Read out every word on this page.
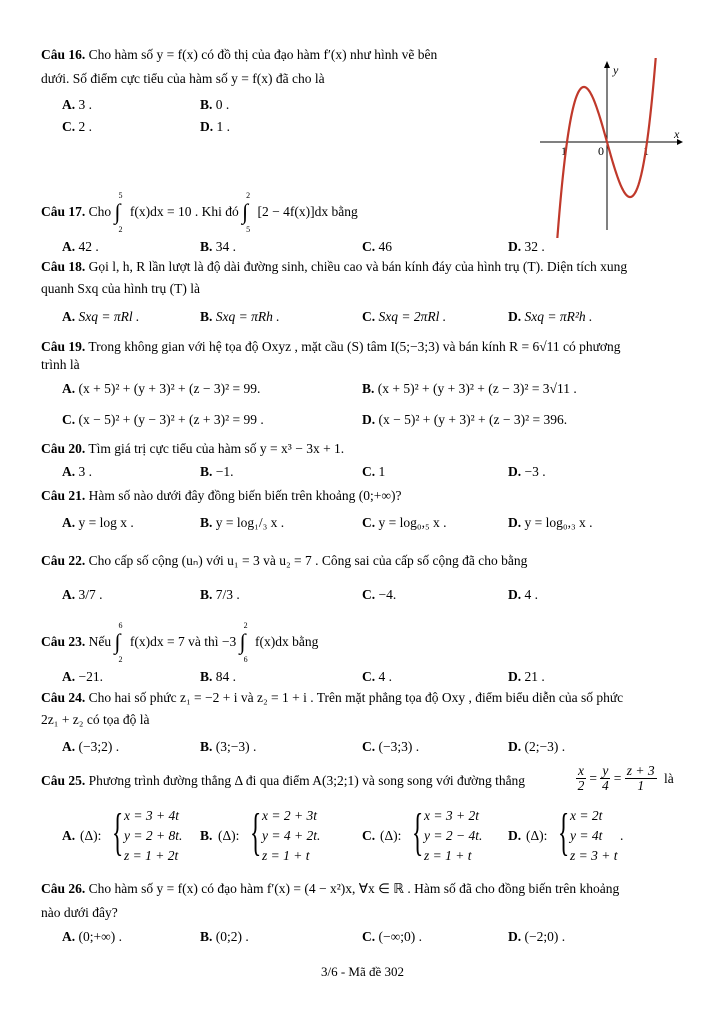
Câu 16. Cho hàm số y = f(x) có đồ thị của đạo hàm f′(x) như hình vẽ bên
dưới. Số điểm cực tiểu của hàm số y = f(x) đã cho là
A. 3 .	B. 0 .
C. 2 .	D. 1 .	x
y
1	0	1
Câu 17. Cho ∫
5
2
f(x)dx = 10 . Khi đó ∫
2
5
[2 − 4f(x)]dx bằng
A. 42 .	B. 34 .	C. 46	D. 32 .
Câu 18. Gọi l, h, R lần lượt là độ dài đường sinh, chiều cao và bán kính đáy của hình trụ (T). Diện tích xung
quanh Sxq của hình trụ (T) là
A. Sxq = πRl .	B. Sxq = πRh .	C. Sxq = 2πRl .	D. Sxq = πR²h .
Câu 19. Trong không gian với hệ tọa độ Oxyz , mặt cầu (S) tâm I(5;−3;3) và bán kính R = 6√11 có phương
trình là
A. (x + 5)² + (y + 3)² + (z − 3)² = 99.	B. (x + 5)² + (y + 3)² + (z − 3)² = 3√11 .
C. (x − 5)² + (y − 3)² + (z + 3)² = 99 .	D. (x − 5)² + (y + 3)² + (z − 3)² = 396.
Câu 20. Tìm giá trị cực tiểu của hàm số y = x³ − 3x + 1.
A. 3 .	B. −1.	C. 1	D. −3 .
Câu 21. Hàm số nào dưới đây đồng biến biến trên khoảng (0;+∞)?
A. y = log x .	B. y = log₁/₃ x .	C. y = log₀,₅ x .	D. y = log₀,₃ x .
Câu 22. Cho cấp số cộng (uₙ) với u₁ = 3 và u₂ = 7 . Công sai của cấp số cộng đã cho bằng
A. 3/7 .	B. 7/3 .	C. −4.	D. 4 .
Câu 23. Nếu ∫
6
2
f(x)dx = 7 và thì −3 ∫
2
6
f(x)dx bằng
A. −21.	B. 84 .	C. 4 .	D. 21 .
Câu 24. Cho hai số phức z₁ = −2 + i và z₂ = 1 + i . Trên mặt phẳng tọa độ Oxy , điểm biểu diễn của số phức
2z₁ + z₂ có tọa độ là
A. (−3;2) .	B. (3;−3) .	C. (−3;3) .	D. (2;−3) .
Câu 25. Phương trình đường thẳng Δ đi qua điểm A(3;2;1) và song song với đường thẳng	$\frac{x}{2} = \frac{y}{4} = \frac{z + 3}{1}$ là
A. (Δ): { x = 3 + 4t
y = 2 + 8t.
z = 1 + 2t
B. (Δ): { x = 2 + 3t
y = 4 + 2t.
z = 1 + t
C. (Δ): { x = 3 + 2t
y = 2 − 4t.
z = 1 + t
D. (Δ): { x = 2t
y = 4t
z = 3 + t
.
Câu 26. Cho hàm số y = f(x) có đạo hàm f′(x) = (4 − x²)x, ∀x ∈ ℝ . Hàm số đã cho đồng biến trên khoảng
nào dưới đây?
A. (0;+∞) .	B. (0;2) .	C. (−∞;0) .	D. (−2;0) .
3/6 - Mã đề 302
